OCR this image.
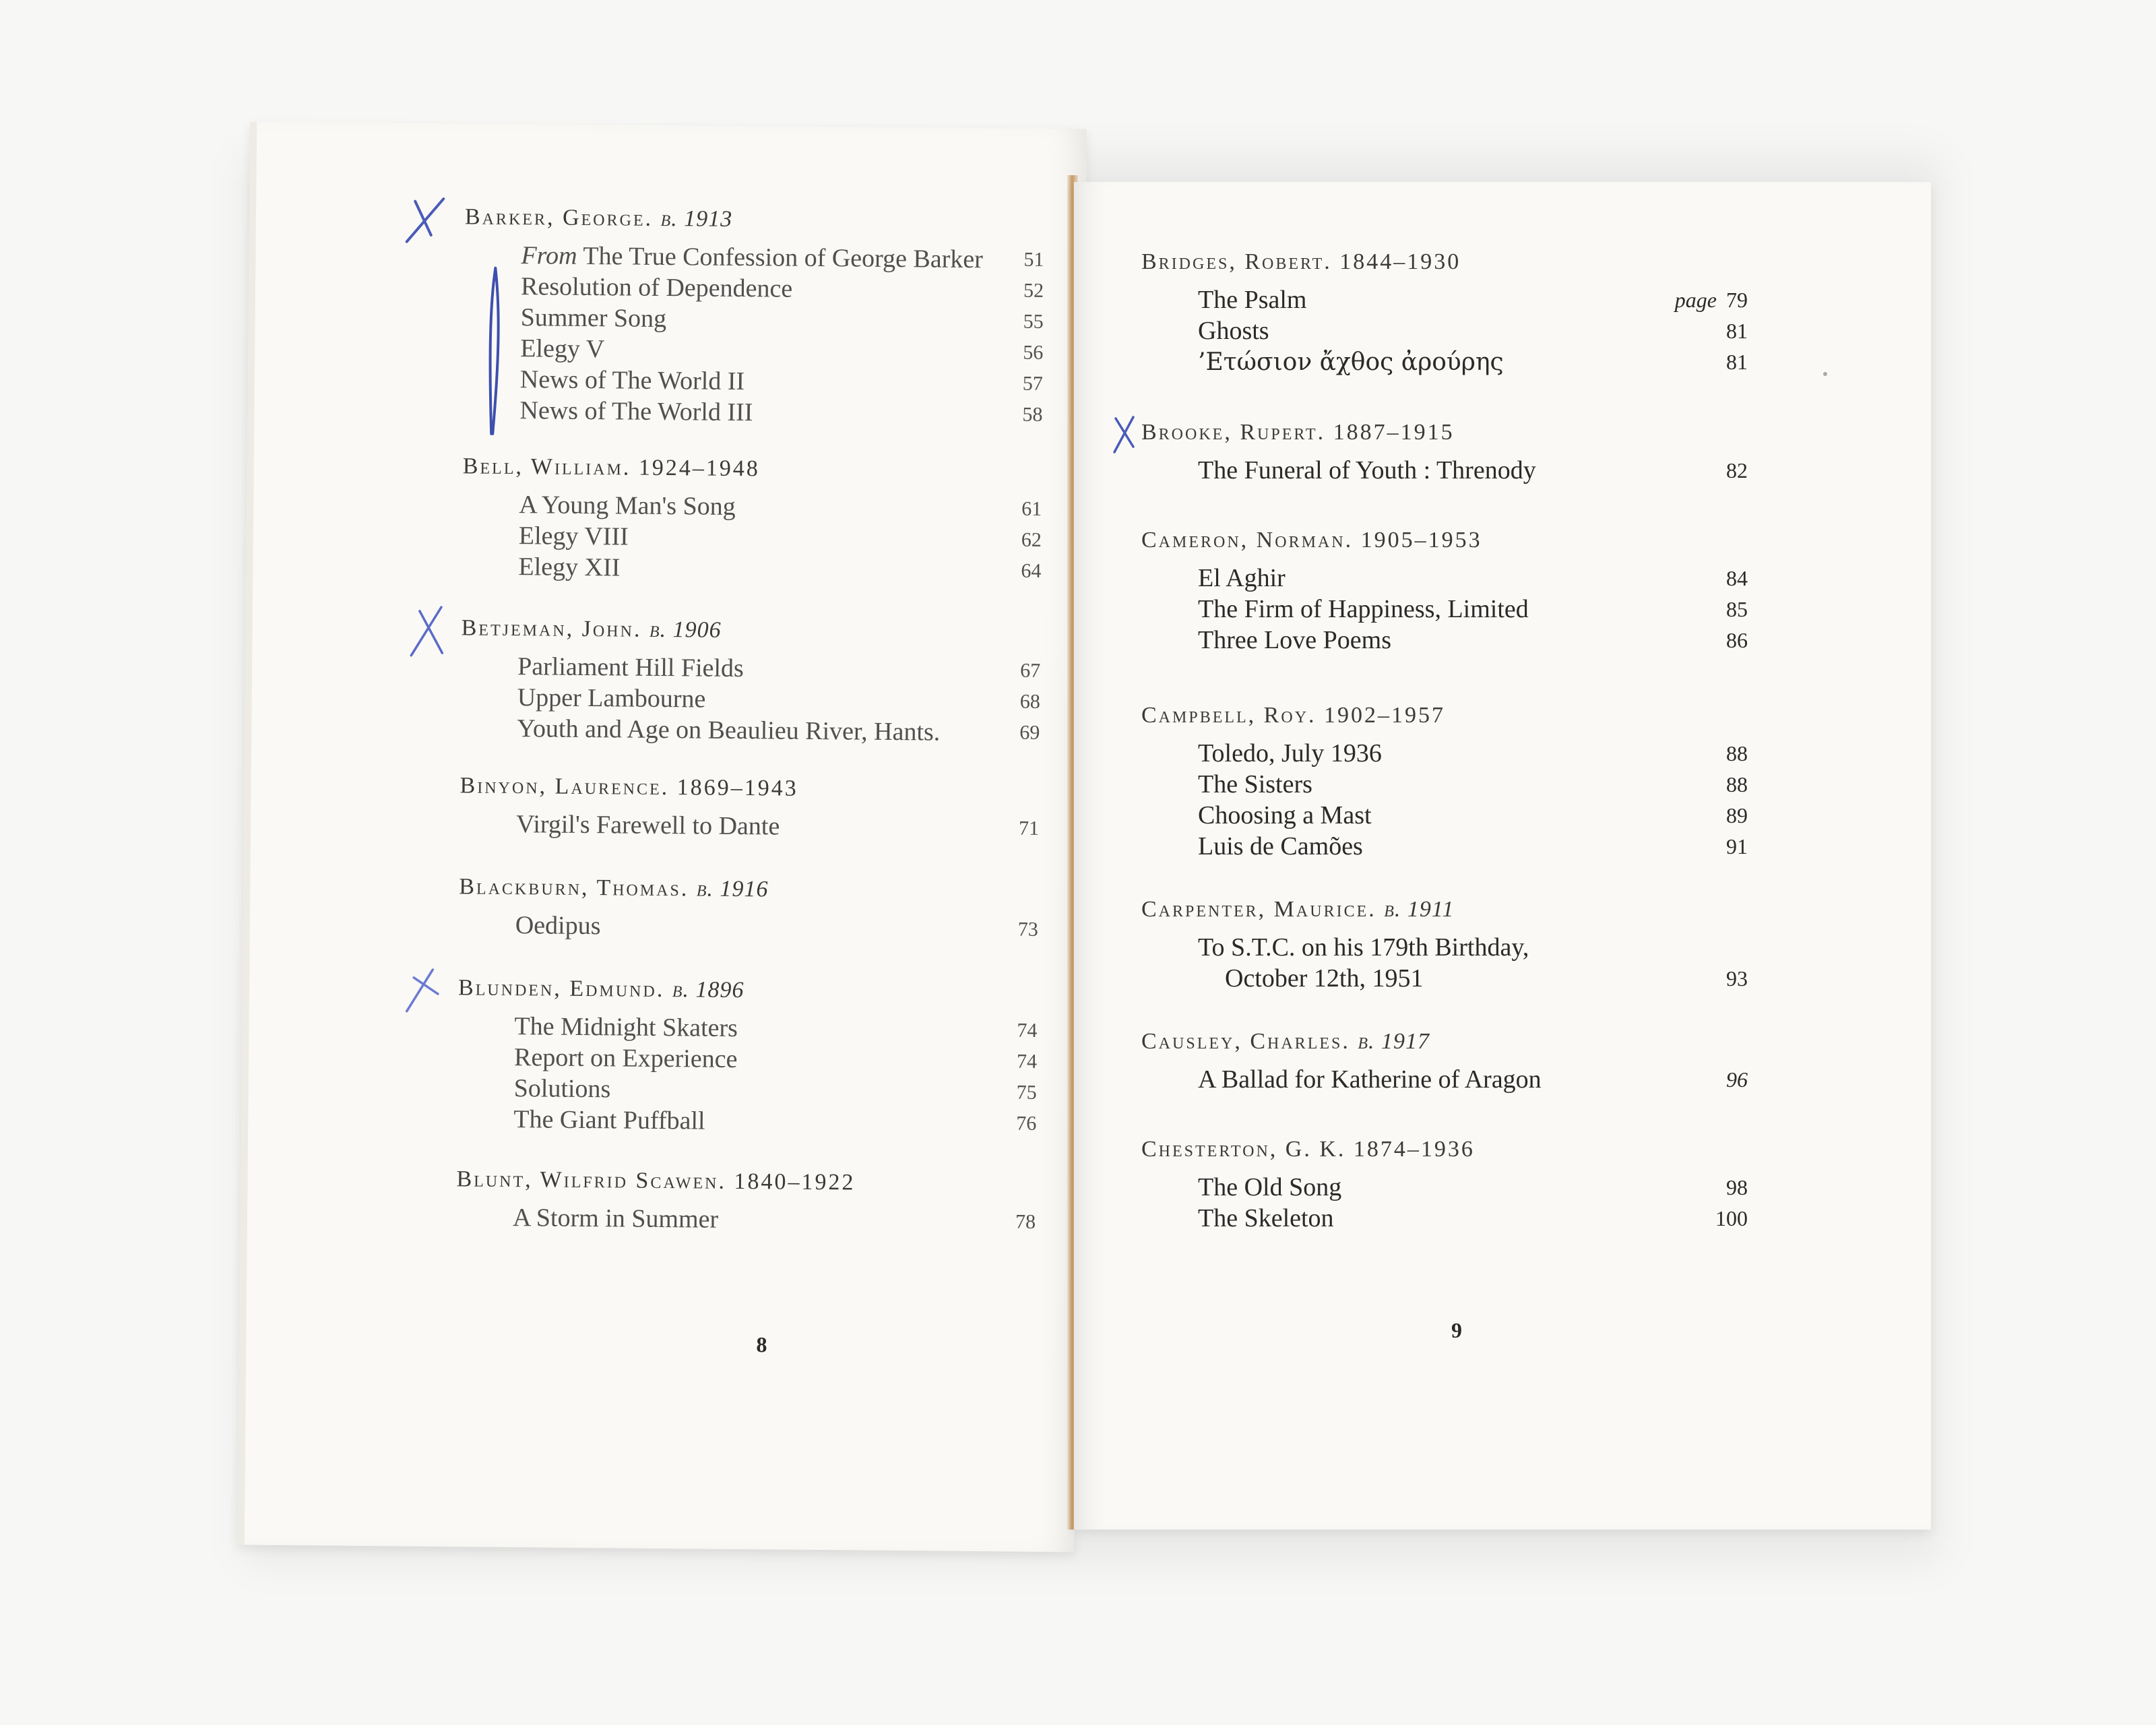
Barker, George. b. 1913
From The True Confession of George Barker 51
Resolution of Dependence	52
Summer Song	55
Elegy V	56
News of The World II	57
News of The World III	58
Bell, William. 1924–1948
A Young Man's Song	61
Elegy VIII	62
Elegy XII	64
Betjeman, John. b. 1906
Parliament Hill Fields	67
Upper Lambourne	68
Youth and Age on Beaulieu River, Hants.	69
Binyon, Laurence. 1869–1943
Virgil's Farewell to Dante	71
Blackburn, Thomas. b. 1916
Oedipus	73
Blunden, Edmund. b. 1896
The Midnight Skaters	74
Report on Experience	74
Solutions	75
The Giant Puffball	76
Blunt, Wilfrid Scawen. 1840–1922
A Storm in Summer	78
8
Bridges, Robert. 1844–1930
The Psalm	page 79
Ghosts	81
’Ετώσιον ἄχθος ἀρούρης	81
Brooke, Rupert. 1887–1915
The Funeral of Youth : Threnody	82
Cameron, Norman. 1905–1953
El Aghir	84
The Firm of Happiness, Limited	85
Three Love Poems	86
Campbell, Roy. 1902–1957
Toledo, July 1936	88
The Sisters	88
Choosing a Mast	89
Luis de Camões	91
Carpenter, Maurice. b. 1911
To S.T.C. on his 179th Birthday,
October 12th, 1951	93
Causley, Charles. b. 1917
A Ballad for Katherine of Aragon	96
Chesterton, G. K. 1874–1936
The Old Song	98
The Skeleton	100
9
